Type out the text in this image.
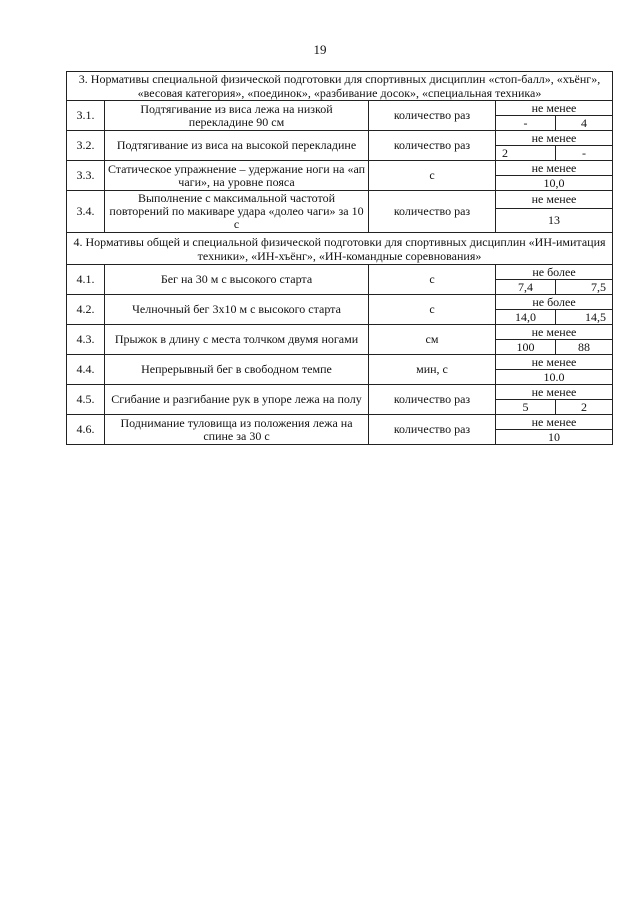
19
3. Нормативы специальной физической подготовки для спортивных дисциплин «стоп-балл», «хъёнг», «весовая категория», «поединок», «разбивание досок», «специальная техника»				
3.1.	Подтягивание из виса лежа на низкой перекладине 90 см	количество раз	не менее	
			-	4
3.2.	Подтягивание из виса на высокой перекладине	количество раз	не менее	
			2	-
3.3.	Статическое упражнение – удержание ноги на «ап чаги», на уровне пояса	с	не менее	
			10,0	
3.4.	Выполнение с максимальной частотой повторений по макиваре удара «долео чаги» за 10 с	количество раз	не менее	
			13	
4. Нормативы общей и специальной физической подготовки для спортивных дисциплин «ИН-имитация техники», «ИН-хъёнг», «ИН-командные соревнования»				
4.1.	Бег на 30 м с высокого старта	с	не более	
			7,4	7,5
4.2.	Челночный бег 3x10 м с высокого старта	с	не более	
			14,0	14,5
4.3.	Прыжок в длину с места толчком двумя ногами	см	не менее	
			100	88
4.4.	Непрерывный бег в свободном темпе	мин, с	не менее	
			10.0	
4.5.	Сгибание и разгибание рук в упоре лежа на полу	количество раз	не менее	
			5	2
4.6.	Поднимание туловища из положения лежа на спине за 30 с	количество раз	не менее	
			10	
